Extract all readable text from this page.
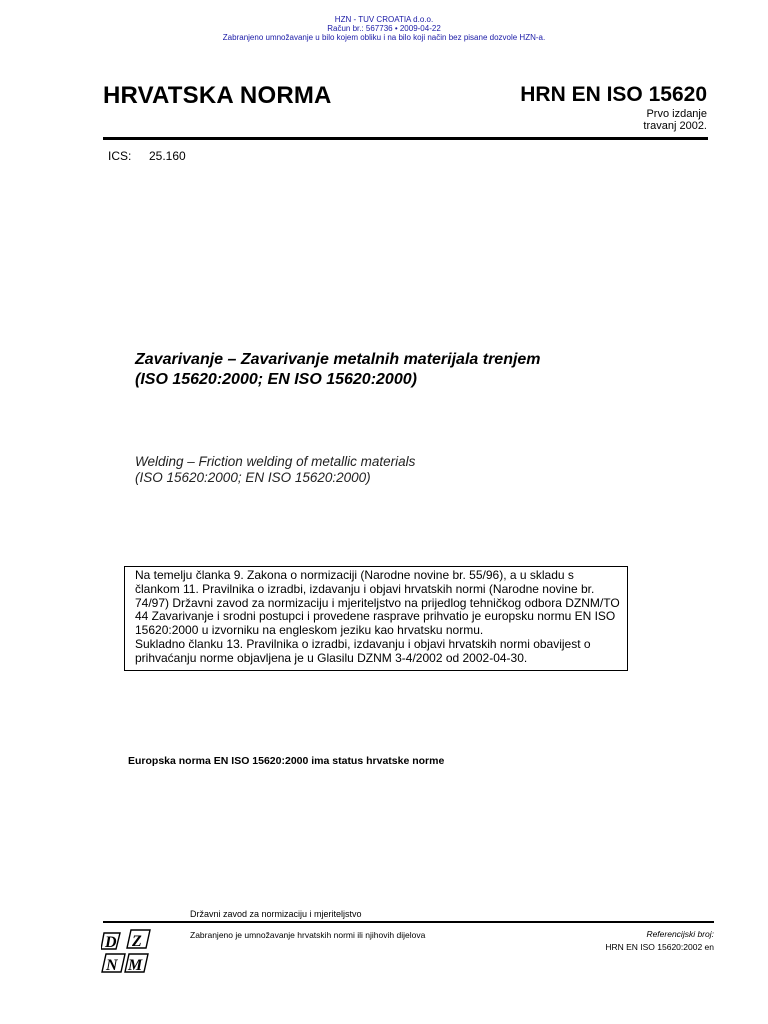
HZN - TUV CROATIA d.o.o.
Račun br.: 567736 • 2009-04-22
Zabranjeno umnožavanje u bilo kojem obliku i na bilo koji način bez pisane dozvole HZN-a.
HRVATSKA NORMA	HRN EN ISO 15620
Prvo izdanje
travanj 2002.
ICS: 25.160
Zavarivanje – Zavarivanje metalnih materijala trenjem
(ISO 15620:2000; EN ISO 15620:2000)
Welding – Friction welding of metallic materials
(ISO 15620:2000; EN ISO 15620:2000)

Na temelju članka 9. Zakona o normizaciji (Narodne novine br. 55/96), a u skladu s člankom 11. Pravilnika o izradbi, izdavanju i objavi hrvatskih normi (Narodne novine br. 74/97) Državni zavod za normizaciju i mjeriteljstvo na prijedlog tehničkog odbora DZNM/TO 44 Zavarivanje i srodni postupci i provedene rasprave prihvatio je europsku normu EN ISO 15620:2000 u izvorniku na engleskom jeziku kao hrvatsku normu.

Sukladno članku 13. Pravilnika o izradbi, izdavanju i objavi hrvatskih normi obavijest o prihvaćanju norme objavljena je u Glasilu DZNM 3-4/2002 od 2002-04-30.

Europska norma EN ISO 15620:2000 ima status hrvatske norme
Državni zavod za normizaciju i mjeriteljstvo
D Z
N M
Zabranjeno je umnožavanje hrvatskih normi ili njihovih dijelova	Referencijski broj:
HRN EN ISO 15620:2002 en
